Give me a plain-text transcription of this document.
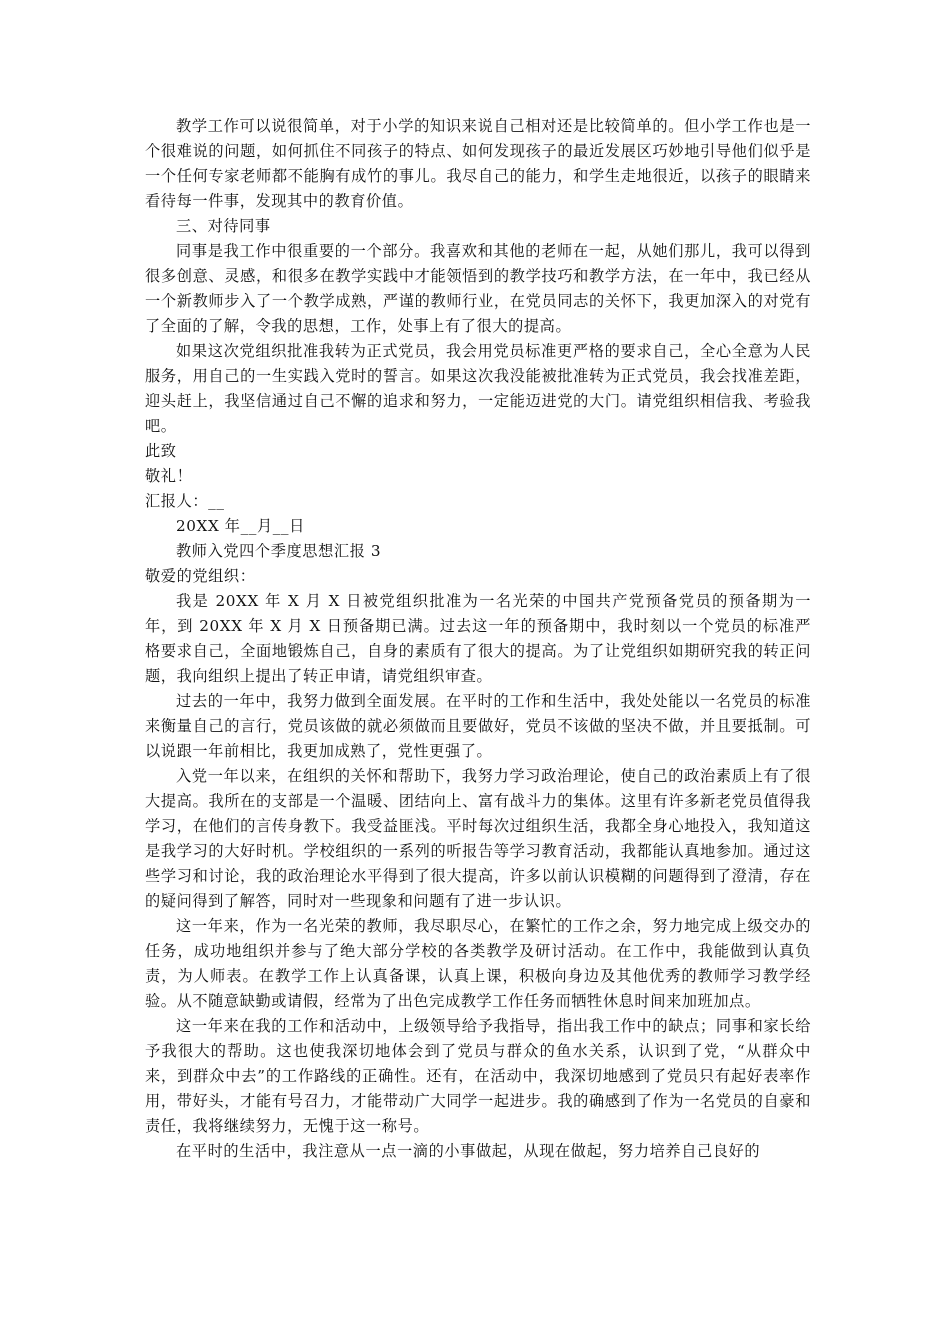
教学工作可以说很简单，对于小学的知识来说自己相对还是比较简单的。但小学工作也是一个很难说的问题，如何抓住不同孩子的特点、如何发现孩子的最近发展区巧妙地引导他们似乎是一个任何专家老师都不能胸有成竹的事儿。我尽自己的能力，和学生走地很近，以孩子的眼睛来看待每一件事，发现其中的教育价值。

三、对待同事

同事是我工作中很重要的一个部分。我喜欢和其他的老师在一起，从她们那儿，我可以得到很多创意、灵感，和很多在教学实践中才能领悟到的教学技巧和教学方法，在一年中，我已经从一个新教师步入了一个教学成熟，严谨的教师行业，在党员同志的关怀下，我更加深入的对党有了全面的了解，令我的思想，工作，处事上有了很大的提高。

如果这次党组织批准我转为正式党员，我会用党员标准更严格的要求自己，全心全意为人民服务，用自己的一生实践入党时的誓言。如果这次我没能被批准转为正式党员，我会找准差距，迎头赶上，我坚信通过自己不懈的追求和努力，一定能迈进党的大门。请党组织相信我、考验我吧。

此致

敬礼！

汇报人：__

20XX 年__月__日

教师入党四个季度思想汇报 3

敬爱的党组织：

我是 20XX 年 X 月 X 日被党组织批准为一名光荣的中国共产党预备党员的预备期为一年，到 20XX 年 X 月 X 日预备期已满。过去这一年的预备期中，我时刻以一个党员的标准严格要求自己，全面地锻炼自己，自身的素质有了很大的提高。为了让党组织如期研究我的转正问题，我向组织上提出了转正申请，请党组织审查。

过去的一年中，我努力做到全面发展。在平时的工作和生活中，我处处能以一名党员的标准来衡量自己的言行，党员该做的就必须做而且要做好，党员不该做的坚决不做，并且要抵制。可以说跟一年前相比，我更加成熟了，党性更强了。

入党一年以来，在组织的关怀和帮助下，我努力学习政治理论，使自己的政治素质上有了很大提高。我所在的支部是一个温暖、团结向上、富有战斗力的集体。这里有许多新老党员值得我学习，在他们的言传身教下。我受益匪浅。平时每次过组织生活，我都全身心地投入，我知道这是我学习的大好时机。学校组织的一系列的听报告等学习教育活动，我都能认真地参加。通过这些学习和讨论，我的政治理论水平得到了很大提高，许多以前认识模糊的问题得到了澄清，存在的疑问得到了解答，同时对一些现象和问题有了进一步认识。

这一年来，作为一名光荣的教师，我尽职尽心，在繁忙的工作之余，努力地完成上级交办的任务，成功地组织并参与了绝大部分学校的各类教学及研讨活动。在工作中，我能做到认真负责，为人师表。在教学工作上认真备课，认真上课，积极向身边及其他优秀的教师学习教学经验。从不随意缺勤或请假，经常为了出色完成教学工作任务而牺牲休息时间来加班加点。

这一年来在我的工作和活动中，上级领导给予我指导，指出我工作中的缺点；同事和家长给予我很大的帮助。这也使我深切地体会到了党员与群众的鱼水关系，认识到了党，“从群众中来，到群众中去”的工作路线的正确性。还有，在活动中，我深切地感到了党员只有起好表率作用，带好头，才能有号召力，才能带动广大同学一起进步。我的确感到了作为一名党员的自豪和责任，我将继续努力，无愧于这一称号。

在平时的生活中，我注意从一点一滴的小事做起，从现在做起，努力培养自己良好的
